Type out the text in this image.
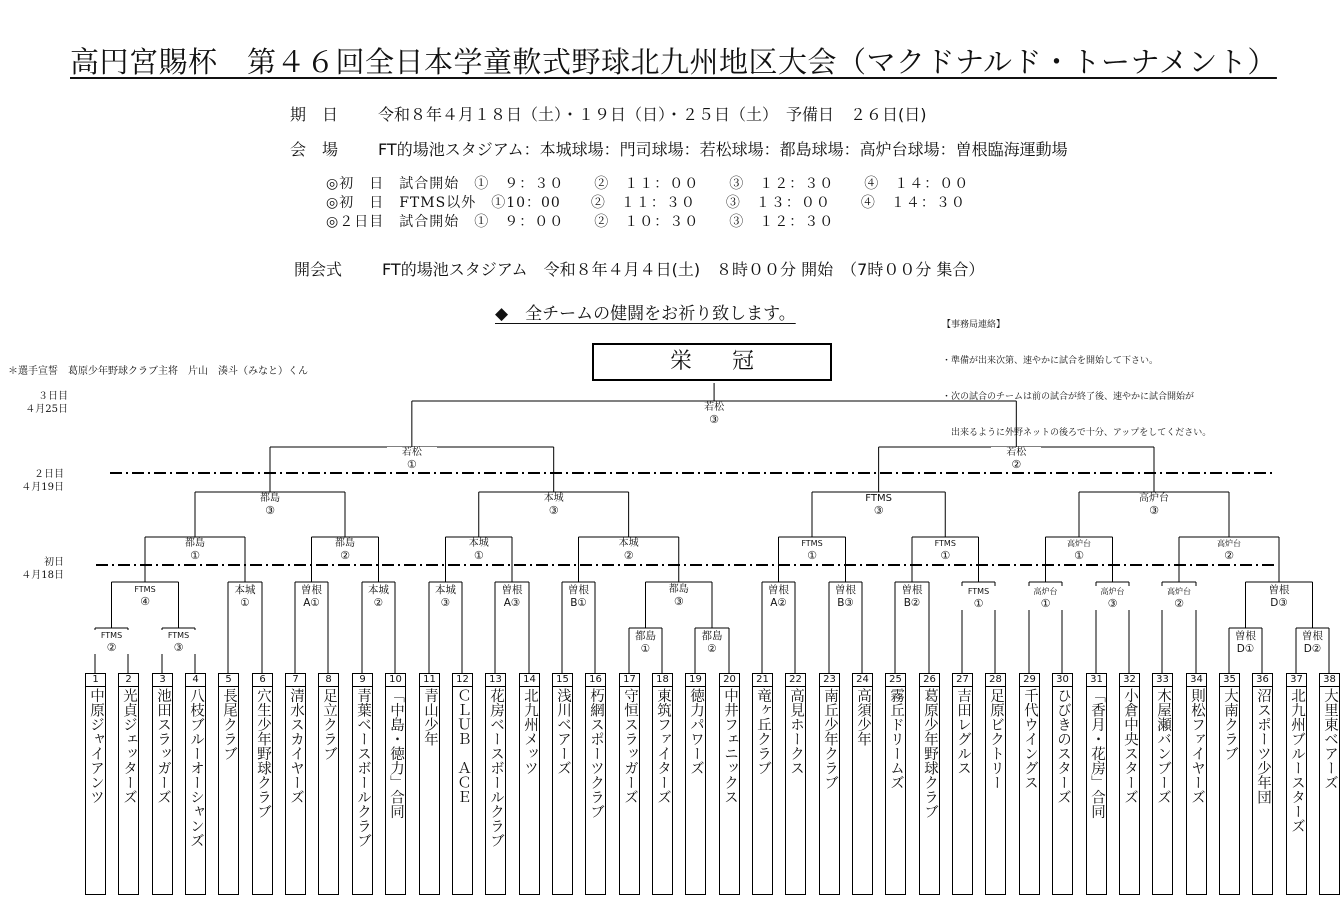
高円宮賜杯　第４６回全日本学童軟式野球北九州地区大会（マクドナルド・トーナメント）
期　日 令和８年４月１８日（土）・１９日（日）・２５日（土）　予備日　２６日(日)
会　場 FT的場池スタジアム：本城球場：門司球場：若松球場：都島球場：高炉台球場：曽根臨海運動場
◎初　日　試合開始　①　９：３０　　②　１１：００　　③　１２：３０　　④　１４：００
◎初　日　FTMS以外　①10：00　　②　１１：３０　　③　１３：００　　④　１４：３０
◎２日目　試合開始　①　９：００　　②　１０：３０　　③　１２：３０
開会式 FT的場池スタジアム　令和８年４月４日(土)　８時００分 開始　（7時００分 集合）
◆　全チームの健闘をお祈り致します。

【事務局連絡】

・準備が出来次第、速やかに試合を開始して下さい。

・次の試合のチームは前の試合が終了後、速やかに試合開始が

　出来るように外野ネットの後ろで十分、アップをしてください。

＊選手宣誓　葛原少年野球クラブ主将　片山　湊斗（みなと）くん	栄冠
３日目
４月25日
２日目
４月19日
初日
４月18日
1
中原ジャイアンツ
2
光貞ジェッターズ
3
池田スラッガーズ
4
八枝ブルーオーシャンズ
5
長尾クラブ
6
穴生少年野球クラブ
7
清水スカイヤーズ
8
足立クラブ
9
青葉ベースボールクラブ
10
「中島・徳力」合同
11
青山少年
12
ＣＬＵＢ　ＡＣＥ
13
花房ベースボールクラブ
14
北九州メッツ
15
浅川ベアーズ
16
朽網スポーツクラブ
17
守恒スラッガーズ
18
東筑ファイターズ
19
徳力パワーズ
20
中井フェニックス
21
竜ヶ丘クラブ
22
高見ホークス
23
南丘少年クラブ
24
高須少年
25
霧丘ドリームズ
26
葛原少年野球クラブ
27
吉田レグルス
28
足原ビクトリー
29
千代ウイングス
30
ひびきのスターズ
31
「香月・花房」合同
32
小倉中央スターズ
33
木屋瀬バンブーズ
34
則松ファイヤーズ
35
大南クラブ
36
沼スポーツ少年団
37
北九州ブルースターズ
38
大里東ベアーズ
若松
③
若松
①
若松
②
都島
③
本城
③
FTMS
③
高炉台
③
都島
①
都島
②
本城
①
本城
②
FTMS
①
FTMS
①
高炉台
①
高炉台
②
FTMS
④
本城
①
曽根
A①
本城
②
本城
③
曽根
A③
曽根
B①
都島
③
曽根
A②
曽根
B③
曽根
B②
FTMS
①
高炉台
①
高炉台
③
高炉台
②
曽根
D③
FTMS
②
FTMS
③
都島
①
都島
②
曽根
D①
曽根
D②
